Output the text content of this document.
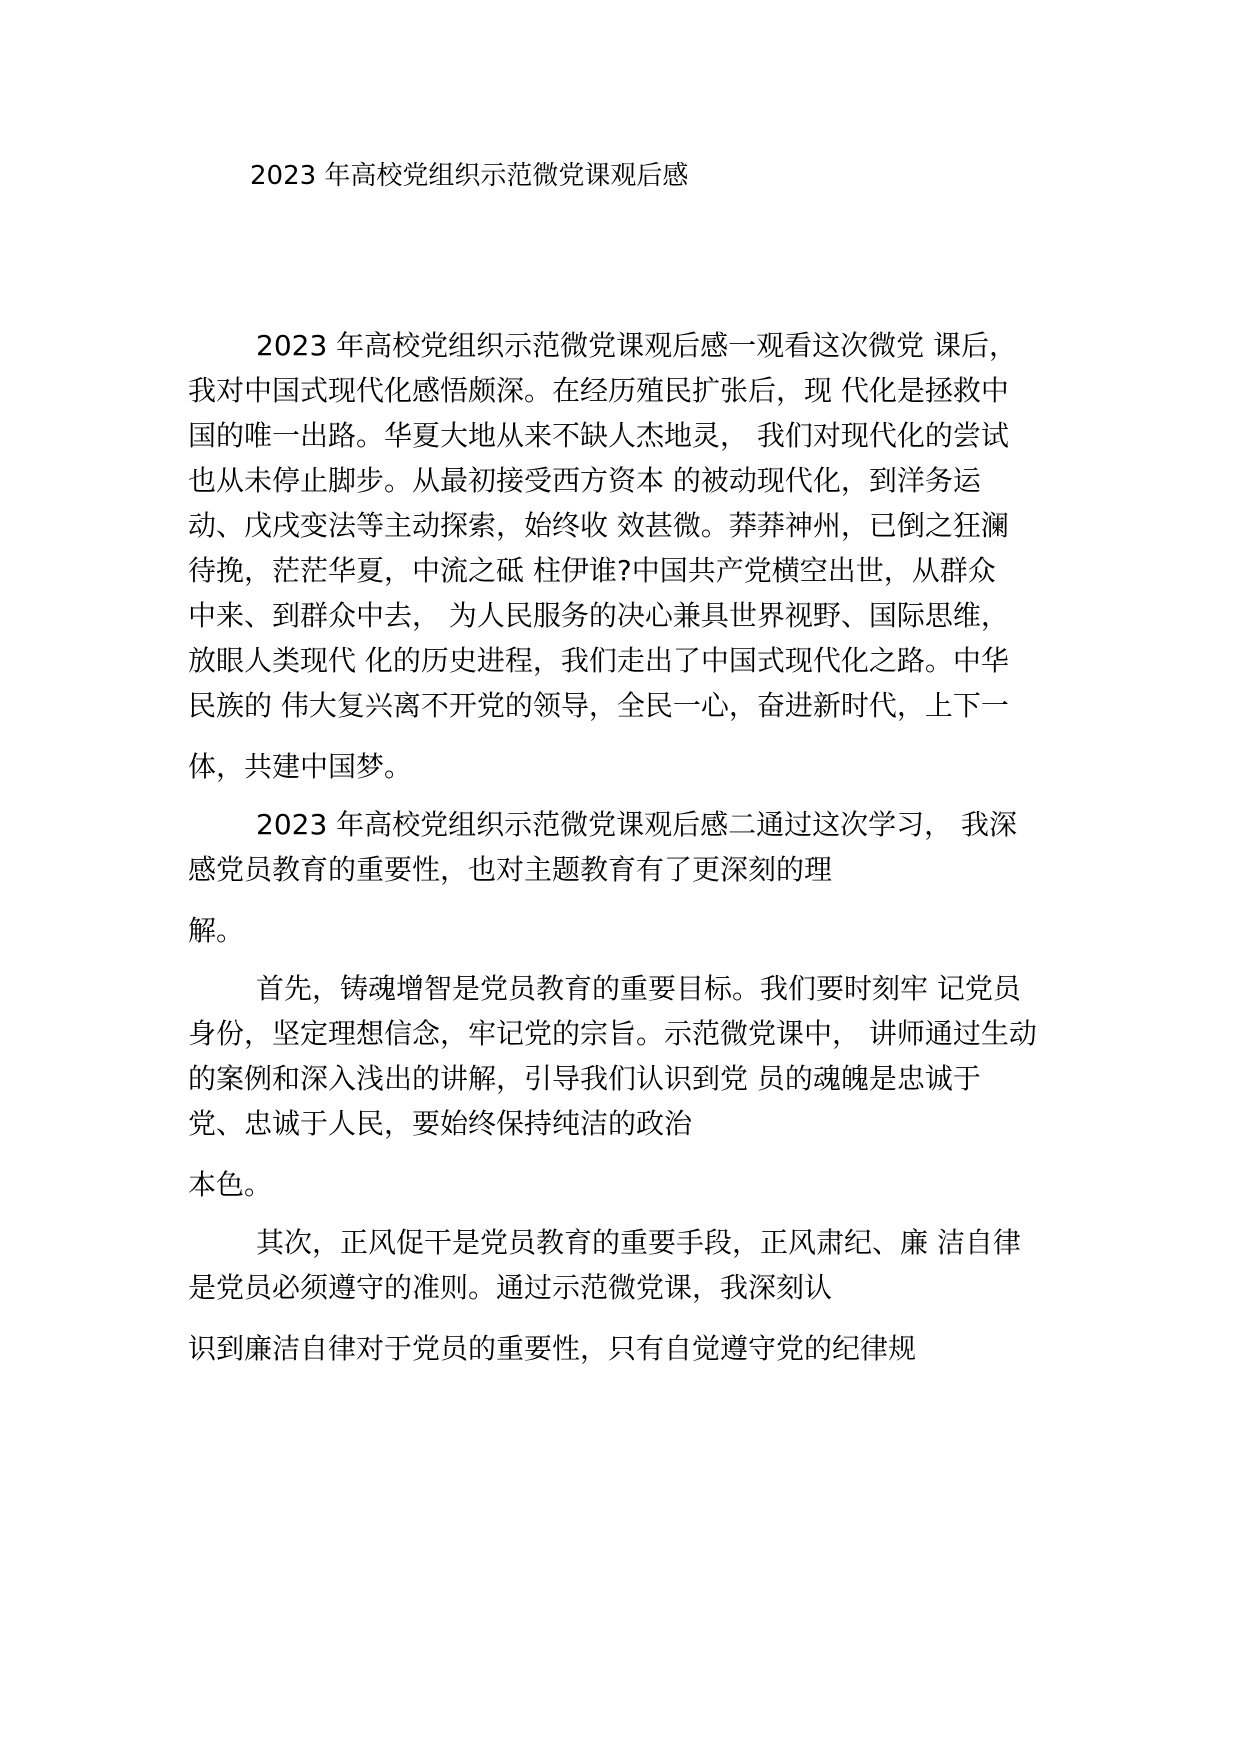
2023 年高校党组织示范微党课观后感
2023 年高校党组织示范微党课观后感一观看这次微党 课后，
我对中国式现代化感悟颇深。在经历殖民扩张后，现 代化是拯救中
国的唯一出路。华夏大地从来不缺人杰地灵， 我们对现代化的尝试
也从未停止脚步。从最初接受西方资本 的被动现代化，到洋务运
动、戊戌变法等主动探索，始终收 效甚微。莽莽神州，已倒之狂澜
待挽，茫茫华夏，中流之砥 柱伊谁?中国共产党横空出世，从群众
中来、到群众中去， 为人民服务的决心兼具世界视野、国际思维，
放眼人类现代 化的历史进程，我们走出了中国式现代化之路。中华
民族的 伟大复兴离不开党的领导，全民一心，奋进新时代，上下一
体，共建中国梦。
2023 年高校党组织示范微党课观后感二通过这次学习， 我深
感党员教育的重要性，也对主题教育有了更深刻的理
解。
首先，铸魂增智是党员教育的重要目标。我们要时刻牢 记党员
身份，坚定理想信念，牢记党的宗旨。示范微党课中， 讲师通过生动
的案例和深入浅出的讲解，引导我们认识到党 员的魂魄是忠诚于
党、忠诚于人民，要始终保持纯洁的政治
本色。
其次，正风促干是党员教育的重要手段，正风肃纪、廉 洁自律
是党员必须遵守的准则。通过示范微党课，我深刻认
识到廉洁自律对于党员的重要性，只有自觉遵守党的纪律规
